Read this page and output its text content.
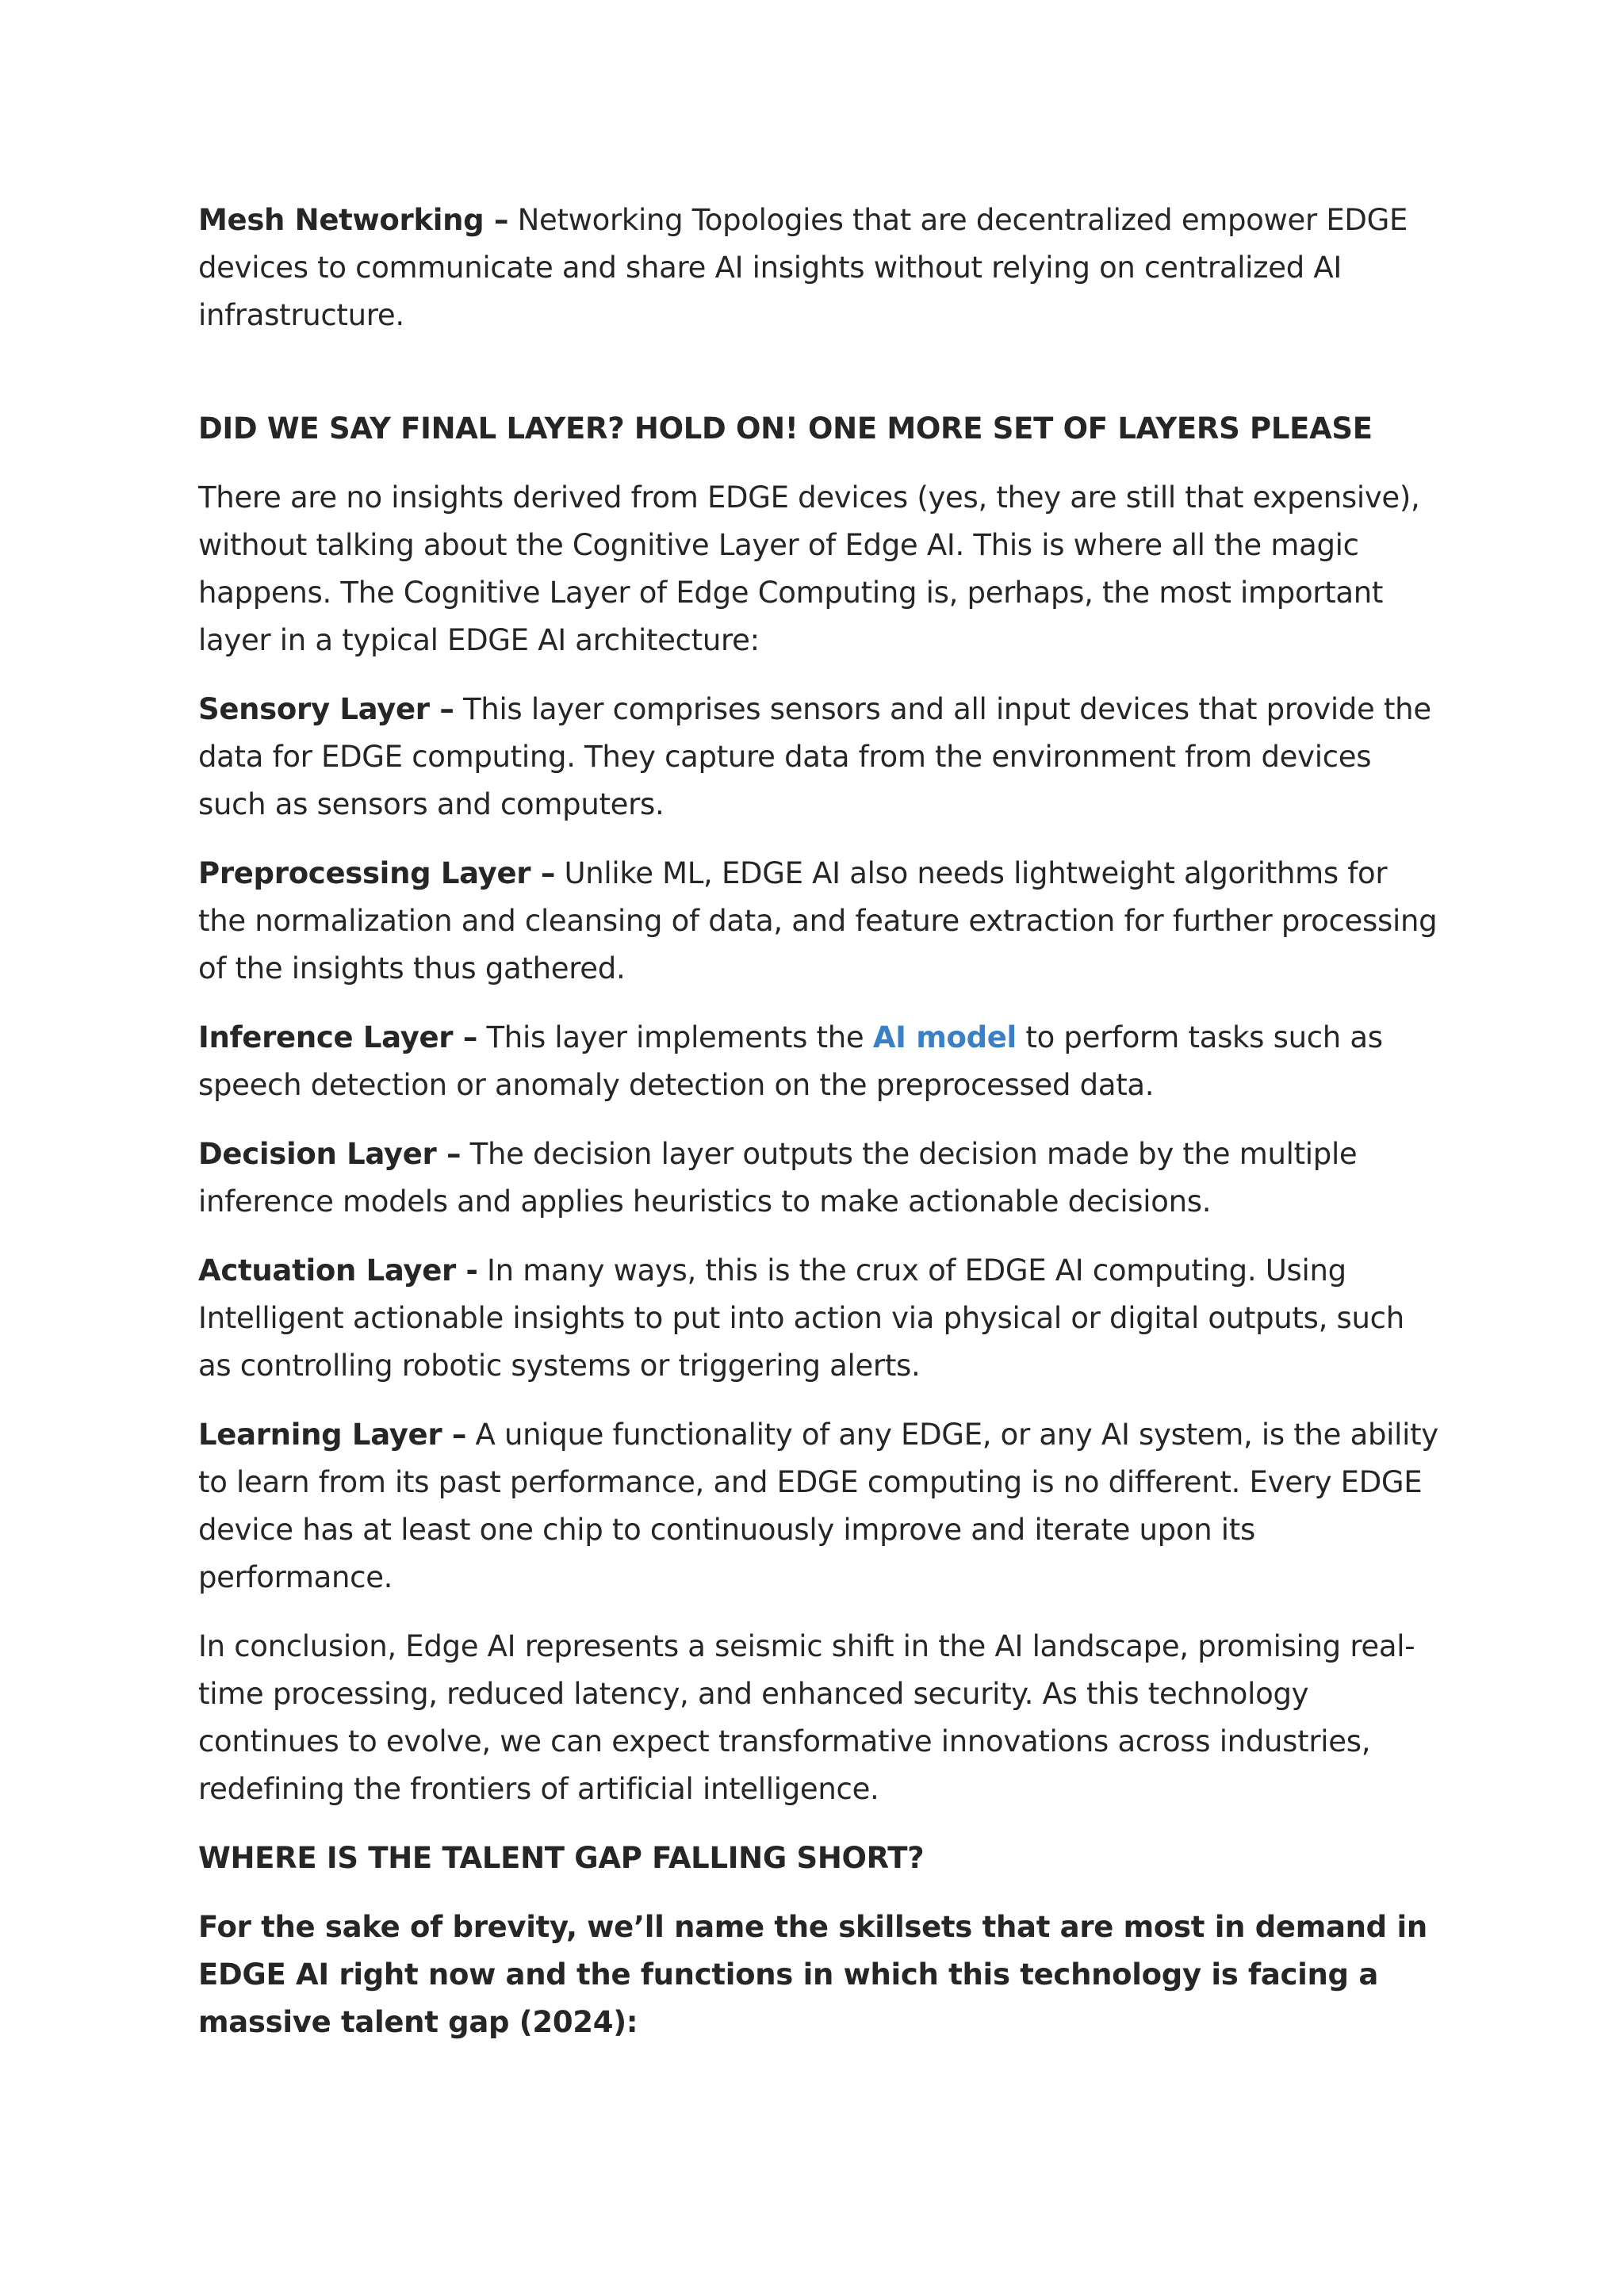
Mesh Networking – Networking Topologies that are decentralized empower EDGE devices to communicate and share AI insights without relying on centralized AI infrastructure.

DID WE SAY FINAL LAYER? HOLD ON! ONE MORE SET OF LAYERS PLEASE

There are no insights derived from EDGE devices (yes, they are still that expensive), without talking about the Cognitive Layer of Edge AI. This is where all the magic happens. The Cognitive Layer of Edge Computing is, perhaps, the most important layer in a typical EDGE AI architecture:

Sensory Layer – This layer comprises sensors and all input devices that provide the data for EDGE computing. They capture data from the environment from devices such as sensors and computers.

Preprocessing Layer – Unlike ML, EDGE AI also needs lightweight algorithms for the normalization and cleansing of data, and feature extraction for further processing of the insights thus gathered.

Inference Layer – This layer implements the AI model to perform tasks such as speech detection or anomaly detection on the preprocessed data.

Decision Layer – The decision layer outputs the decision made by the multiple inference models and applies heuristics to make actionable decisions.

Actuation Layer - In many ways, this is the crux of EDGE AI computing. Using Intelligent actionable insights to put into action via physical or digital outputs, such as controlling robotic systems or triggering alerts.

Learning Layer – A unique functionality of any EDGE, or any AI system, is the ability to learn from its past performance, and EDGE computing is no different. Every EDGE device has at least one chip to continuously improve and iterate upon its performance.

In conclusion, Edge AI represents a seismic shift in the AI landscape, promising real-time processing, reduced latency, and enhanced security. As this technology continues to evolve, we can expect transformative innovations across industries, redefining the frontiers of artificial intelligence.

WHERE IS THE TALENT GAP FALLING SHORT?

For the sake of brevity, we’ll name the skillsets that are most in demand in EDGE AI right now and the functions in which this technology is facing a massive talent gap (2024):
